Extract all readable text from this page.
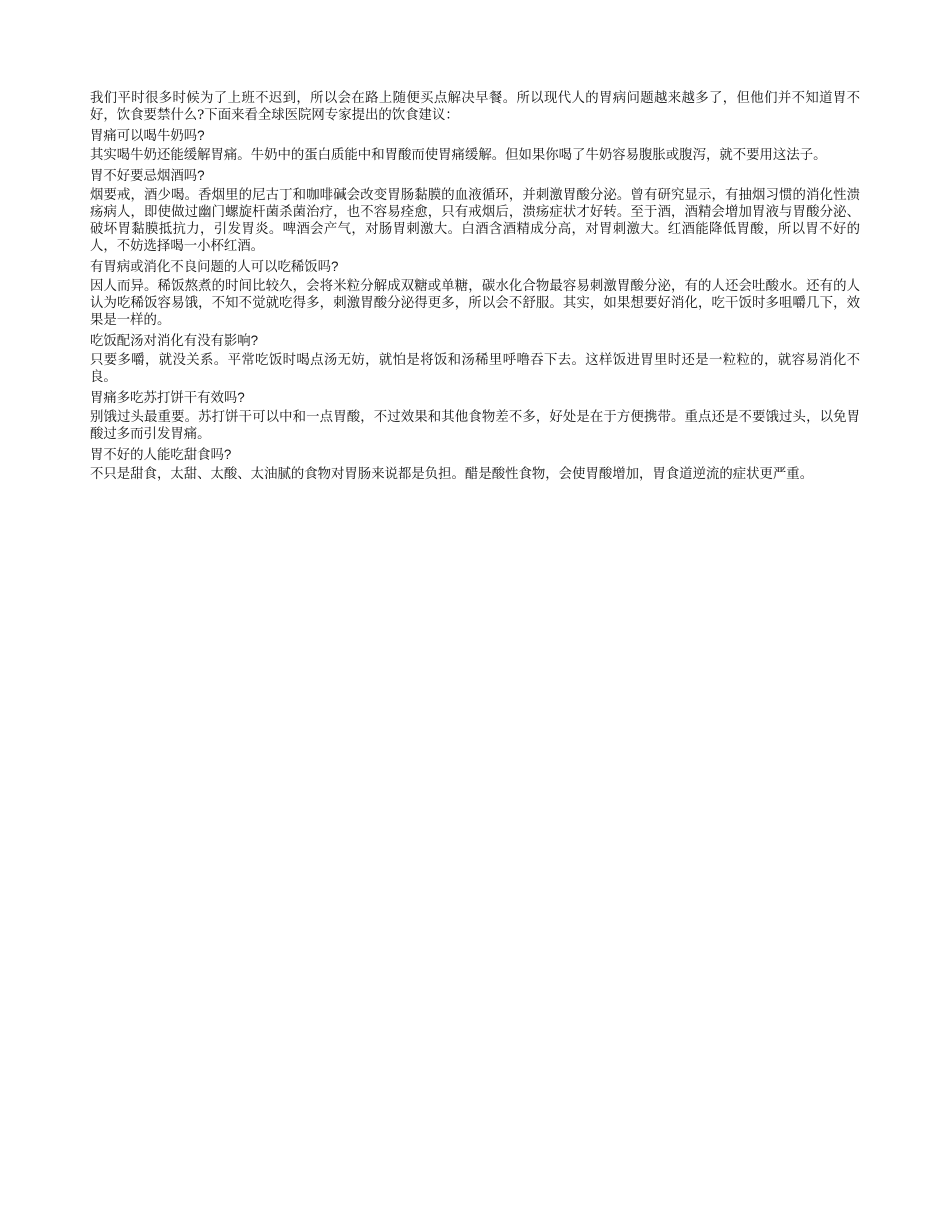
我们平时很多时候为了上班不迟到，所以会在路上随便买点解决早餐。所以现代人的胃病问题越来越多了，但他们并不知道胃不好，饮食要禁什么?下面来看全球医院网专家提出的饮食建议：

胃痛可以喝牛奶吗?

其实喝牛奶还能缓解胃痛。牛奶中的蛋白质能中和胃酸而使胃痛缓解。但如果你喝了牛奶容易腹胀或腹泻，就不要用这法子。

胃不好要忌烟酒吗?

烟要戒，酒少喝。香烟里的尼古丁和咖啡碱会改变胃肠黏膜的血液循环，并刺激胃酸分泌。曾有研究显示，有抽烟习惯的消化性溃疡病人，即使做过幽门螺旋杆菌杀菌治疗，也不容易痊愈，只有戒烟后，溃疡症状才好转。至于酒，酒精会增加胃液与胃酸分泌、破坏胃黏膜抵抗力，引发胃炎。啤酒会产气，对肠胃刺激大。白酒含酒精成分高，对胃刺激大。红酒能降低胃酸，所以胃不好的人，不妨选择喝一小杯红酒。

有胃病或消化不良问题的人可以吃稀饭吗?

因人而异。稀饭熬煮的时间比较久，会将米粒分解成双糖或单糖，碳水化合物最容易刺激胃酸分泌，有的人还会吐酸水。还有的人认为吃稀饭容易饿，不知不觉就吃得多，刺激胃酸分泌得更多，所以会不舒服。其实，如果想要好消化，吃干饭时多咀嚼几下，效果是一样的。

吃饭配汤对消化有没有影响?

只要多嚼，就没关系。平常吃饭时喝点汤无妨，就怕是将饭和汤稀里呼噜吞下去。这样饭进胃里时还是一粒粒的，就容易消化不良。

胃痛多吃苏打饼干有效吗?

别饿过头最重要。苏打饼干可以中和一点胃酸，不过效果和其他食物差不多，好处是在于方便携带。重点还是不要饿过头，以免胃酸过多而引发胃痛。

胃不好的人能吃甜食吗?

不只是甜食，太甜、太酸、太油腻的食物对胃肠来说都是负担。醋是酸性食物，会使胃酸增加，胃食道逆流的症状更严重。
